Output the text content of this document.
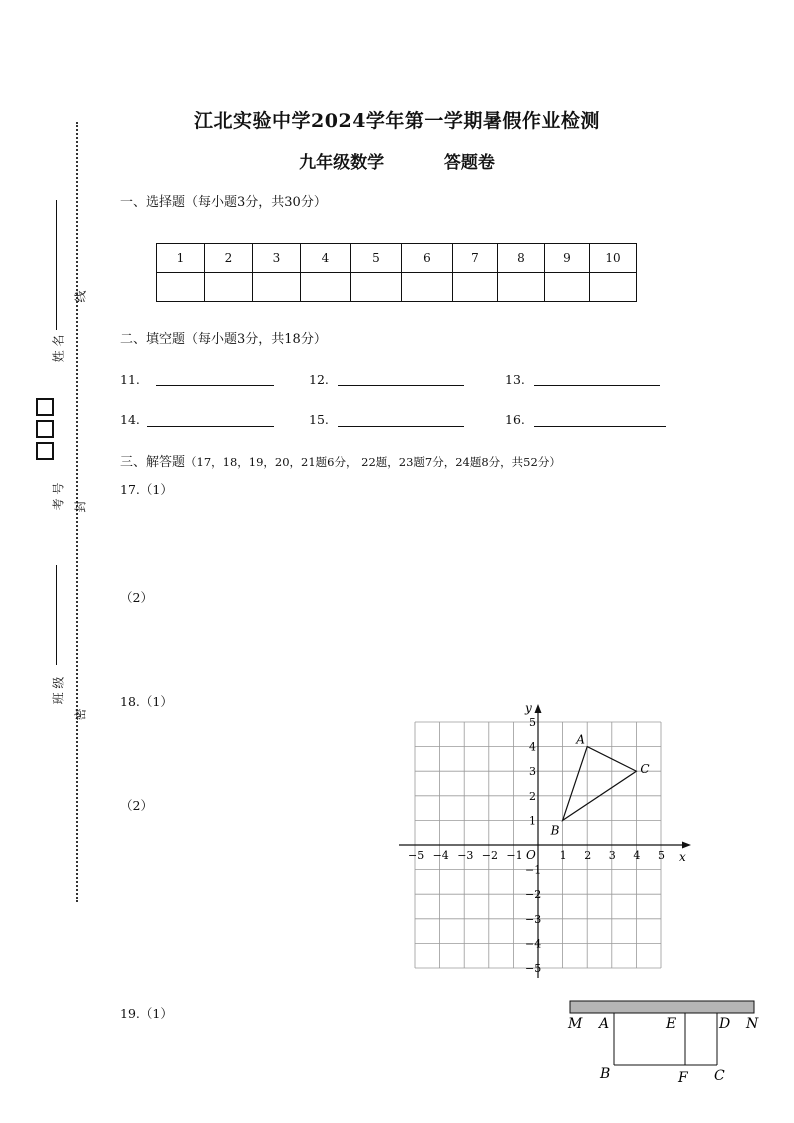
江北实验中学2024学年第一学期暑假作业检测
九年级数学	答题卷
线
封
密
姓 名
考 号
班 级
一、选择题（每小题3分，共30分）
1	2	3	4	5	6	7	8	9	10

二、填空题（每小题3分，共18分）
11.	12.	13.
14.	15.	16.
三、解答题（17，18，19，20，21题6分， 22题，23题7分，24题8分，共52分）
17.（1）
（2）
18.（1）
（2）
19.（1）
−5 −4 −3 −2 −1	1 2 3 4 5
5
4
3
2
1
−1
−2
−3
−4
−5
x
y
O
A
B
C
M A	E	D N
B	F C
